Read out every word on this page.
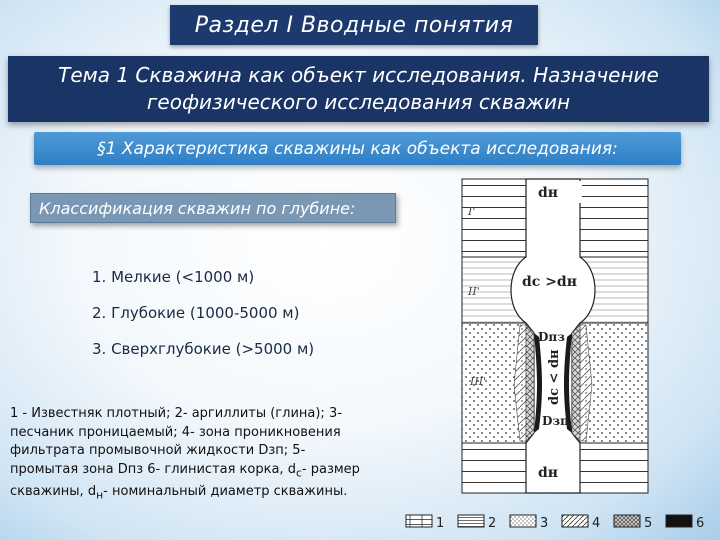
Раздел I Вводные понятия
Тема 1 Скважина как объект исследования. Назначение
геофизического исследования скважин
§1 Характеристика скважины как объекта исследования:
Классификация скважин по глубине:
1. Мелкие (<1000 м)
2. Глубокие (1000-5000 м)
3. Сверхглубокие (>5000 м)
1 - Известняк плотный; 2- аргиллиты (глина); 3-
песчаник проницаемый; 4- зона проникновения
фильтрата промывочной жидкости Dзп; 5-
промытая зона Dпз 6- глинистая корка, $d_c-$ размер
скважины, $d_н-$ номинальный диаметр скважины.
I'
II'
III'
dн
dс >dн
Dпз
dс < dн
Dзп
dн
1	2	3	4	5	6
